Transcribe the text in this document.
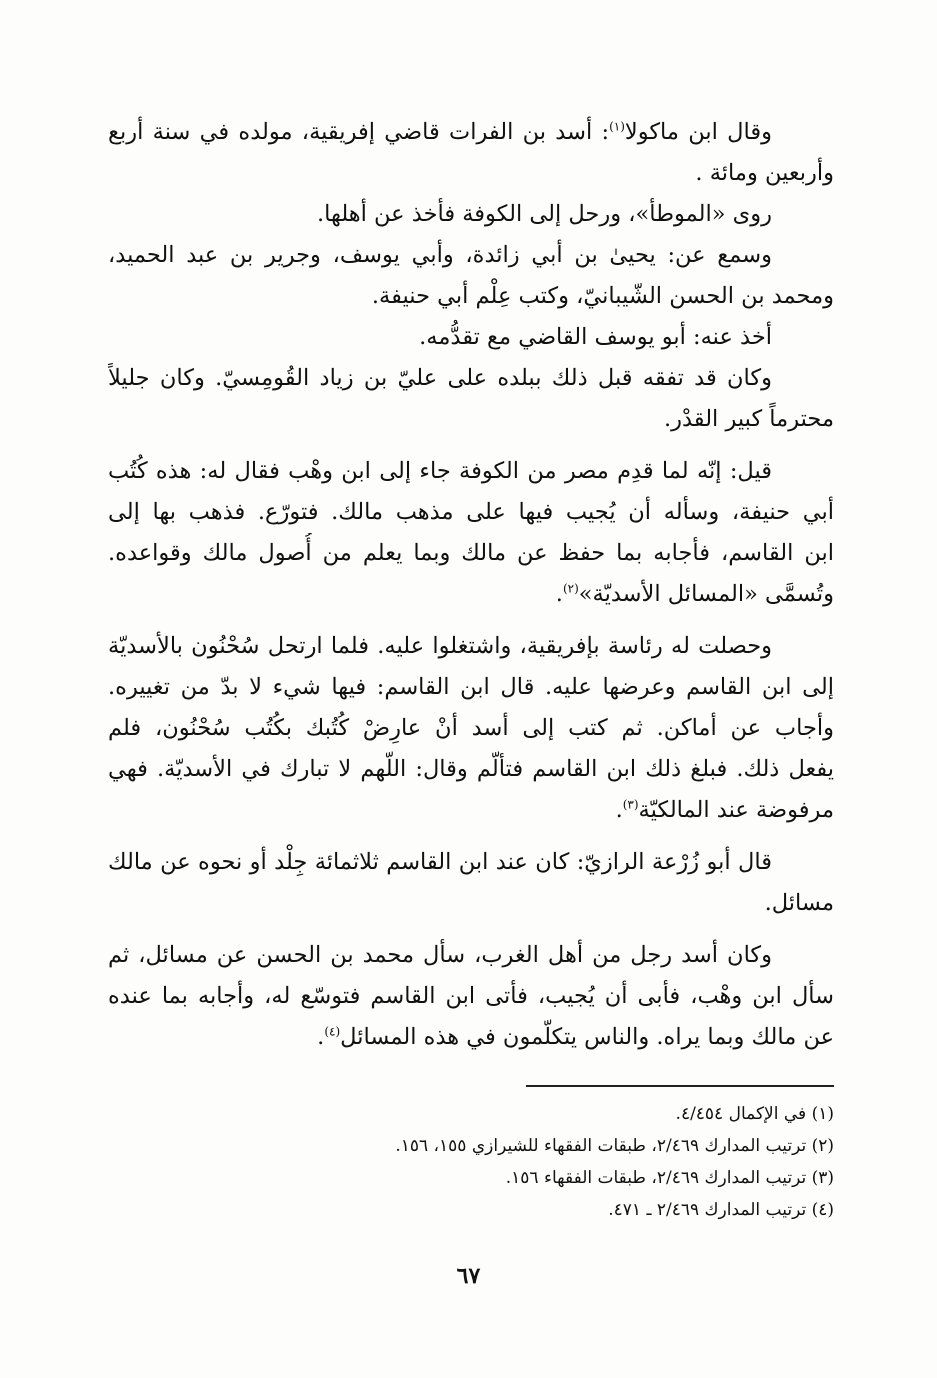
وقال ابن ماكولا$^{(١)}$: أسد بن الفرات قاضي إفريقية، مولده في سنة أربع
وأربعين ومائة .
روى «الموطأ»، ورحل إلى الكوفة فأخذ عن أهلها.
وسمع عن: يحيىٰ بن أبي زائدة، وأبي يوسف، وجرير بن عبد الحميد،
ومحمد بن الحسن الشّيبانيّ، وكتب عِلْم أبي حنيفة.
أخذ عنه: أبو يوسف القاضي مع تقدُّمه.
وكان قد تفقه قبل ذلك ببلده على عليّ بن زياد القُومِسيّ. وكان جليلاً
محترماً كبير القدْر.
قيل: إنّه لما قدِم مصر من الكوفة جاء إلى ابن وهْب فقال له: هذه كُتُب
أبي حنيفة، وسأله أن يُجيب فيها على مذهب مالك. فتورّع. فذهب بها إلى
ابن القاسم، فأجابه بما حفظ عن مالك وبما يعلم من أُصول مالك وقواعده.
وتُسمَّى «المسائل الأسديّة»$^{(٢)}$.
وحصلت له رئاسة بإفريقية، واشتغلوا عليه. فلما ارتحل سُحْنُون بالأسديّة
إلى ابن القاسم وعرضها عليه. قال ابن القاسم: فيها شيء لا بدّ من تغييره.
وأجاب عن أماكن. ثم كتب إلى أسد أنْ عارِضْ كُتُبك بكُتُب سُحْنُون، فلم
يفعل ذلك. فبلغ ذلك ابن القاسم فتألّم وقال: اللّهم لا تبارك في الأسديّة. فهي
مرفوضة عند المالكيّة$^{(٣)}$.
قال أبو زُرْعة الرازيّ: كان عند ابن القاسم ثلاثمائة جِلْد أو نحوه عن مالك
مسائل.
وكان أسد رجل من أهل الغرب، سأل محمد بن الحسن عن مسائل، ثم
سأل ابن وهْب، فأبى أن يُجيب، فأتى ابن القاسم فتوسّع له، وأجابه بما عنده
عن مالك وبما يراه. والناس يتكلّمون في هذه المسائل$^{(٤)}$.
(١) في الإكمال ٤/٤٥٤.
(٢) ترتيب المدارك ٢/٤٦٩، طبقات الفقهاء للشيرازي ١٥٥، ١٥٦.
(٣) ترتيب المدارك ٢/٤٦٩، طبقات الفقهاء ١٥٦.
(٤) ترتيب المدارك ٢/٤٦٩ ـ ٤٧١.
٦٧
